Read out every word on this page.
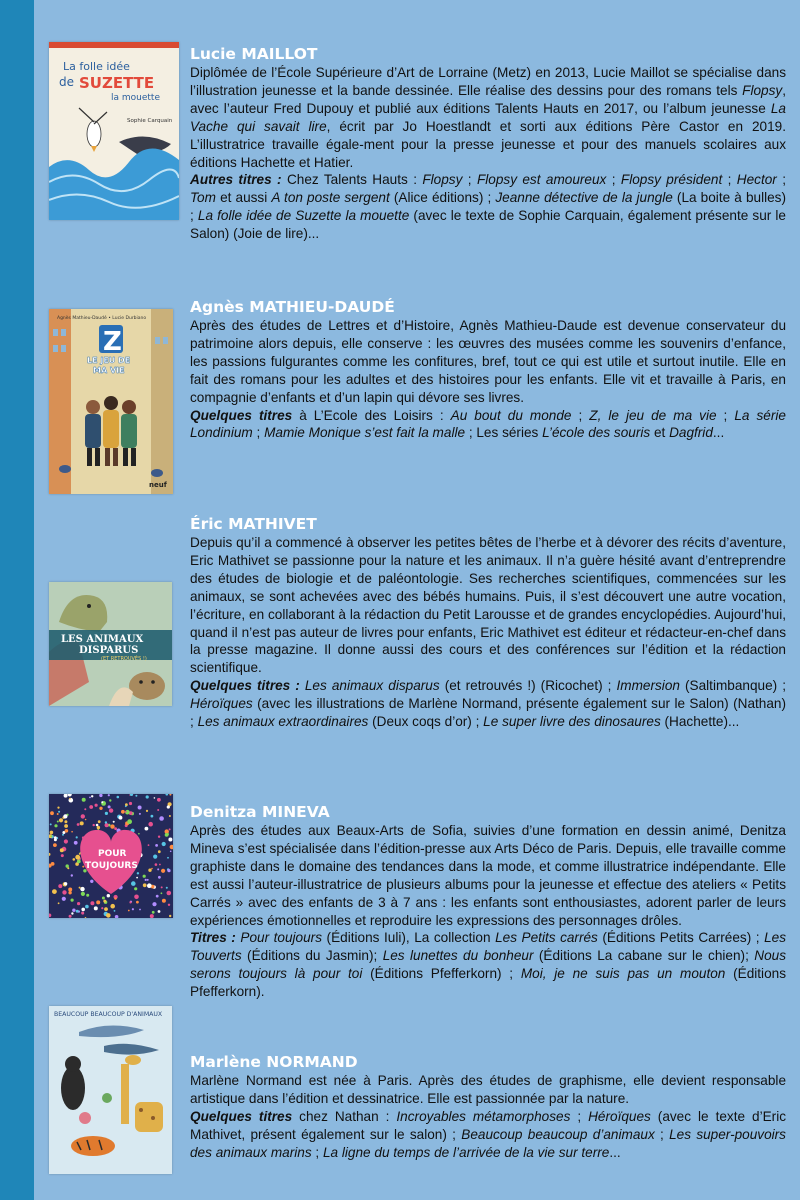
La folle idée
de SUZETTE
la mouette
Sophie Carquain
Agnès Mathieu-Daudé • Lucie Durbiano
Z
LE JEU DE
MA VIE
neuf
LES ANIMAUX
DISPARUS
(ET RETROUVÉS !)
POUR
TOUJOURS
BEAUCOUP BEAUCOUP D'ANIMAUX

Lucie MAILLOT

Diplômée de l’École Supérieure d’Art de Lorraine (Metz) en 2013, Lucie Maillot se spécialise dans l’illustration jeunesse et la bande dessinée. Elle réalise des dessins pour des romans tels Flopsy, avec l’auteur Fred Dupouy et publié aux éditions Talents Hauts en 2017, ou l’album jeunesse La Vache qui savait lire, écrit par Jo Hoestlandt et sorti aux éditions Père Castor en 2019. L’illustratrice travaille égale-ment pour la presse jeunesse et pour des manuels scolaires aux éditions Hachette et Hatier.

Autres titres : Chez Talents Hauts : Flopsy ; Flopsy est amoureux ; Flopsy président ; Hector ; Tom et aussi A ton poste sergent (Alice éditions) ; Jeanne détective de la jungle (La boite à bulles) ; La folle idée de Suzette la mouette (avec le texte de Sophie Carquain, également présente sur le Salon) (Joie de lire)...

Agnès MATHIEU-DAUDÉ

Après des études de Lettres et d’Histoire, Agnès Mathieu-Daude est devenue conservateur du patrimoine alors depuis, elle conserve : les œuvres des musées comme les souvenirs d’enfance, les passions fulgurantes comme les confitures, bref, tout ce qui est utile et surtout inutile. Elle en fait des romans pour les adultes et des histoires pour les enfants. Elle vit et travaille à Paris, en compagnie d’enfants et d’un lapin qui dévore ses livres.

Quelques titres à L’Ecole des Loisirs : Au bout du monde ; Z, le jeu de ma vie ; La série Londinium ; Mamie Monique s’est fait la malle ; Les séries L’école des souris et Dagfrid...

Éric MATHIVET

Depuis qu’il a commencé à observer les petites bêtes de l’herbe et à dévorer des récits d’aventure, Eric Mathivet se passionne pour la nature et les animaux. Il n’a guère hésité avant d’entreprendre des études de biologie et de paléontologie. Ses recherches scientifiques, commencées sur les animaux, se sont achevées avec des bébés humains. Puis, il s’est découvert une autre vocation, l’écriture, en collaborant à la rédaction du Petit Larousse et de grandes encyclopédies. Aujourd’hui, quand il n’est pas auteur de livres pour enfants, Eric Mathivet est éditeur et rédacteur-en-chef dans la presse magazine. Il donne aussi des cours et des conférences sur l’édition et la rédaction scientifique.

Quelques titres : Les animaux disparus (et retrouvés !) (Ricochet) ; Immersion (Saltimbanque) ; Héroïques (avec les illustrations de Marlène Normand, présente également sur le Salon) (Nathan) ; Les animaux extraordinaires (Deux coqs d’or) ; Le super livre des dinosaures (Hachette)...

Denitza MINEVA

Après des études aux Beaux-Arts de Sofia, suivies d’une formation en dessin animé, Denitza Mineva s’est spécialisée dans l’édition-presse aux Arts Déco de Paris. Depuis, elle travaille comme graphiste dans le domaine des tendances dans la mode, et comme illustratrice indépendante. Elle est aussi l’auteur-illustratrice de plusieurs albums pour la jeunesse et effectue des ateliers « Petits Carrés » avec des enfants de 3 à 7 ans : les enfants sont enthousiastes, adorent parler de leurs expériences émotionnelles et reproduire les expressions des personnages drôles.

Titres : Pour toujours (Éditions Iuli), La collection Les Petits carrés (Éditions Petits Carrées) ; Les Touverts (Éditions du Jasmin); Les lunettes du bonheur (Éditions La cabane sur le chien); Nous serons toujours là pour toi (Éditions Pfefferkorn) ; Moi, je ne suis pas un mouton (Éditions Pfefferkorn).

Marlène NORMAND

Marlène Normand est née à Paris. Après des études de graphisme, elle devient responsable artistique dans l’édition et dessinatrice. Elle est passionnée par la nature.

Quelques titres chez Nathan : Incroyables métamorphoses ; Héroïques (avec le texte d’Eric Mathivet, présent également sur le salon) ; Beaucoup beaucoup d’animaux ; Les super-pouvoirs des animaux marins ; La ligne du temps de l’arrivée de la vie sur terre...
